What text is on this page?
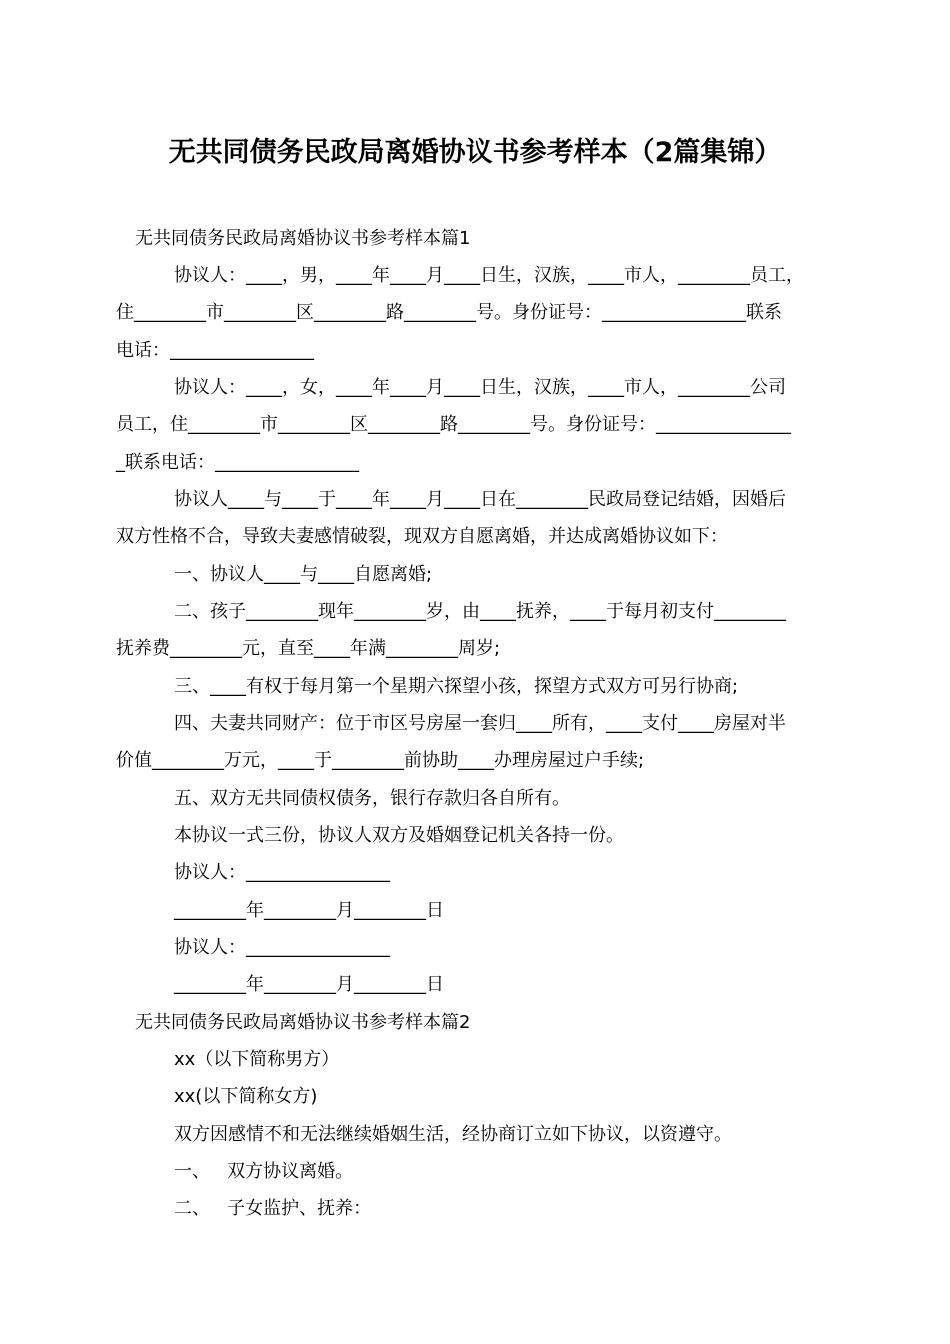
无共同债务民政局离婚协议书参考样本（2篇集锦）
无共同债务民政局离婚协议书参考样本篇1
协议人：____，男，____年____月____日生，汉族，____市人，________员工，
住________市________区________路________号。身份证号：________________联系
电话：________________
协议人：____，女，____年____月____日生，汉族，____市人，________公司
员工，住________市________区________路________号。身份证号：_______________
_联系电话：________________
协议人____与____于____年____月____日在________民政局登记结婚，因婚后
双方性格不合，导致夫妻感情破裂，现双方自愿离婚，并达成离婚协议如下：
一、协议人____与____自愿离婚;
二、孩子________现年________岁，由____抚养，____于每月初支付________
抚养费________元，直至____年满________周岁;
三、____有权于每月第一个星期六探望小孩，探望方式双方可另行协商;
四、夫妻共同财产：位于市区号房屋一套归____所有，____支付____房屋对半
价值________万元，____于________前协助____办理房屋过户手续;
五、双方无共同债权债务，银行存款归各自所有。
本协议一式三份，协议人双方及婚姻登记机关各持一份。
协议人：________________
________年________月________日
协议人：________________
________年________月________日
无共同债务民政局离婚协议书参考样本篇2
xx（以下简称男方）
xx(以下简称女方)
双方因感情不和无法继续婚姻生活，经协商订立如下协议，以资遵守。
一、   双方协议离婚。
二、   子女监护、抚养：
